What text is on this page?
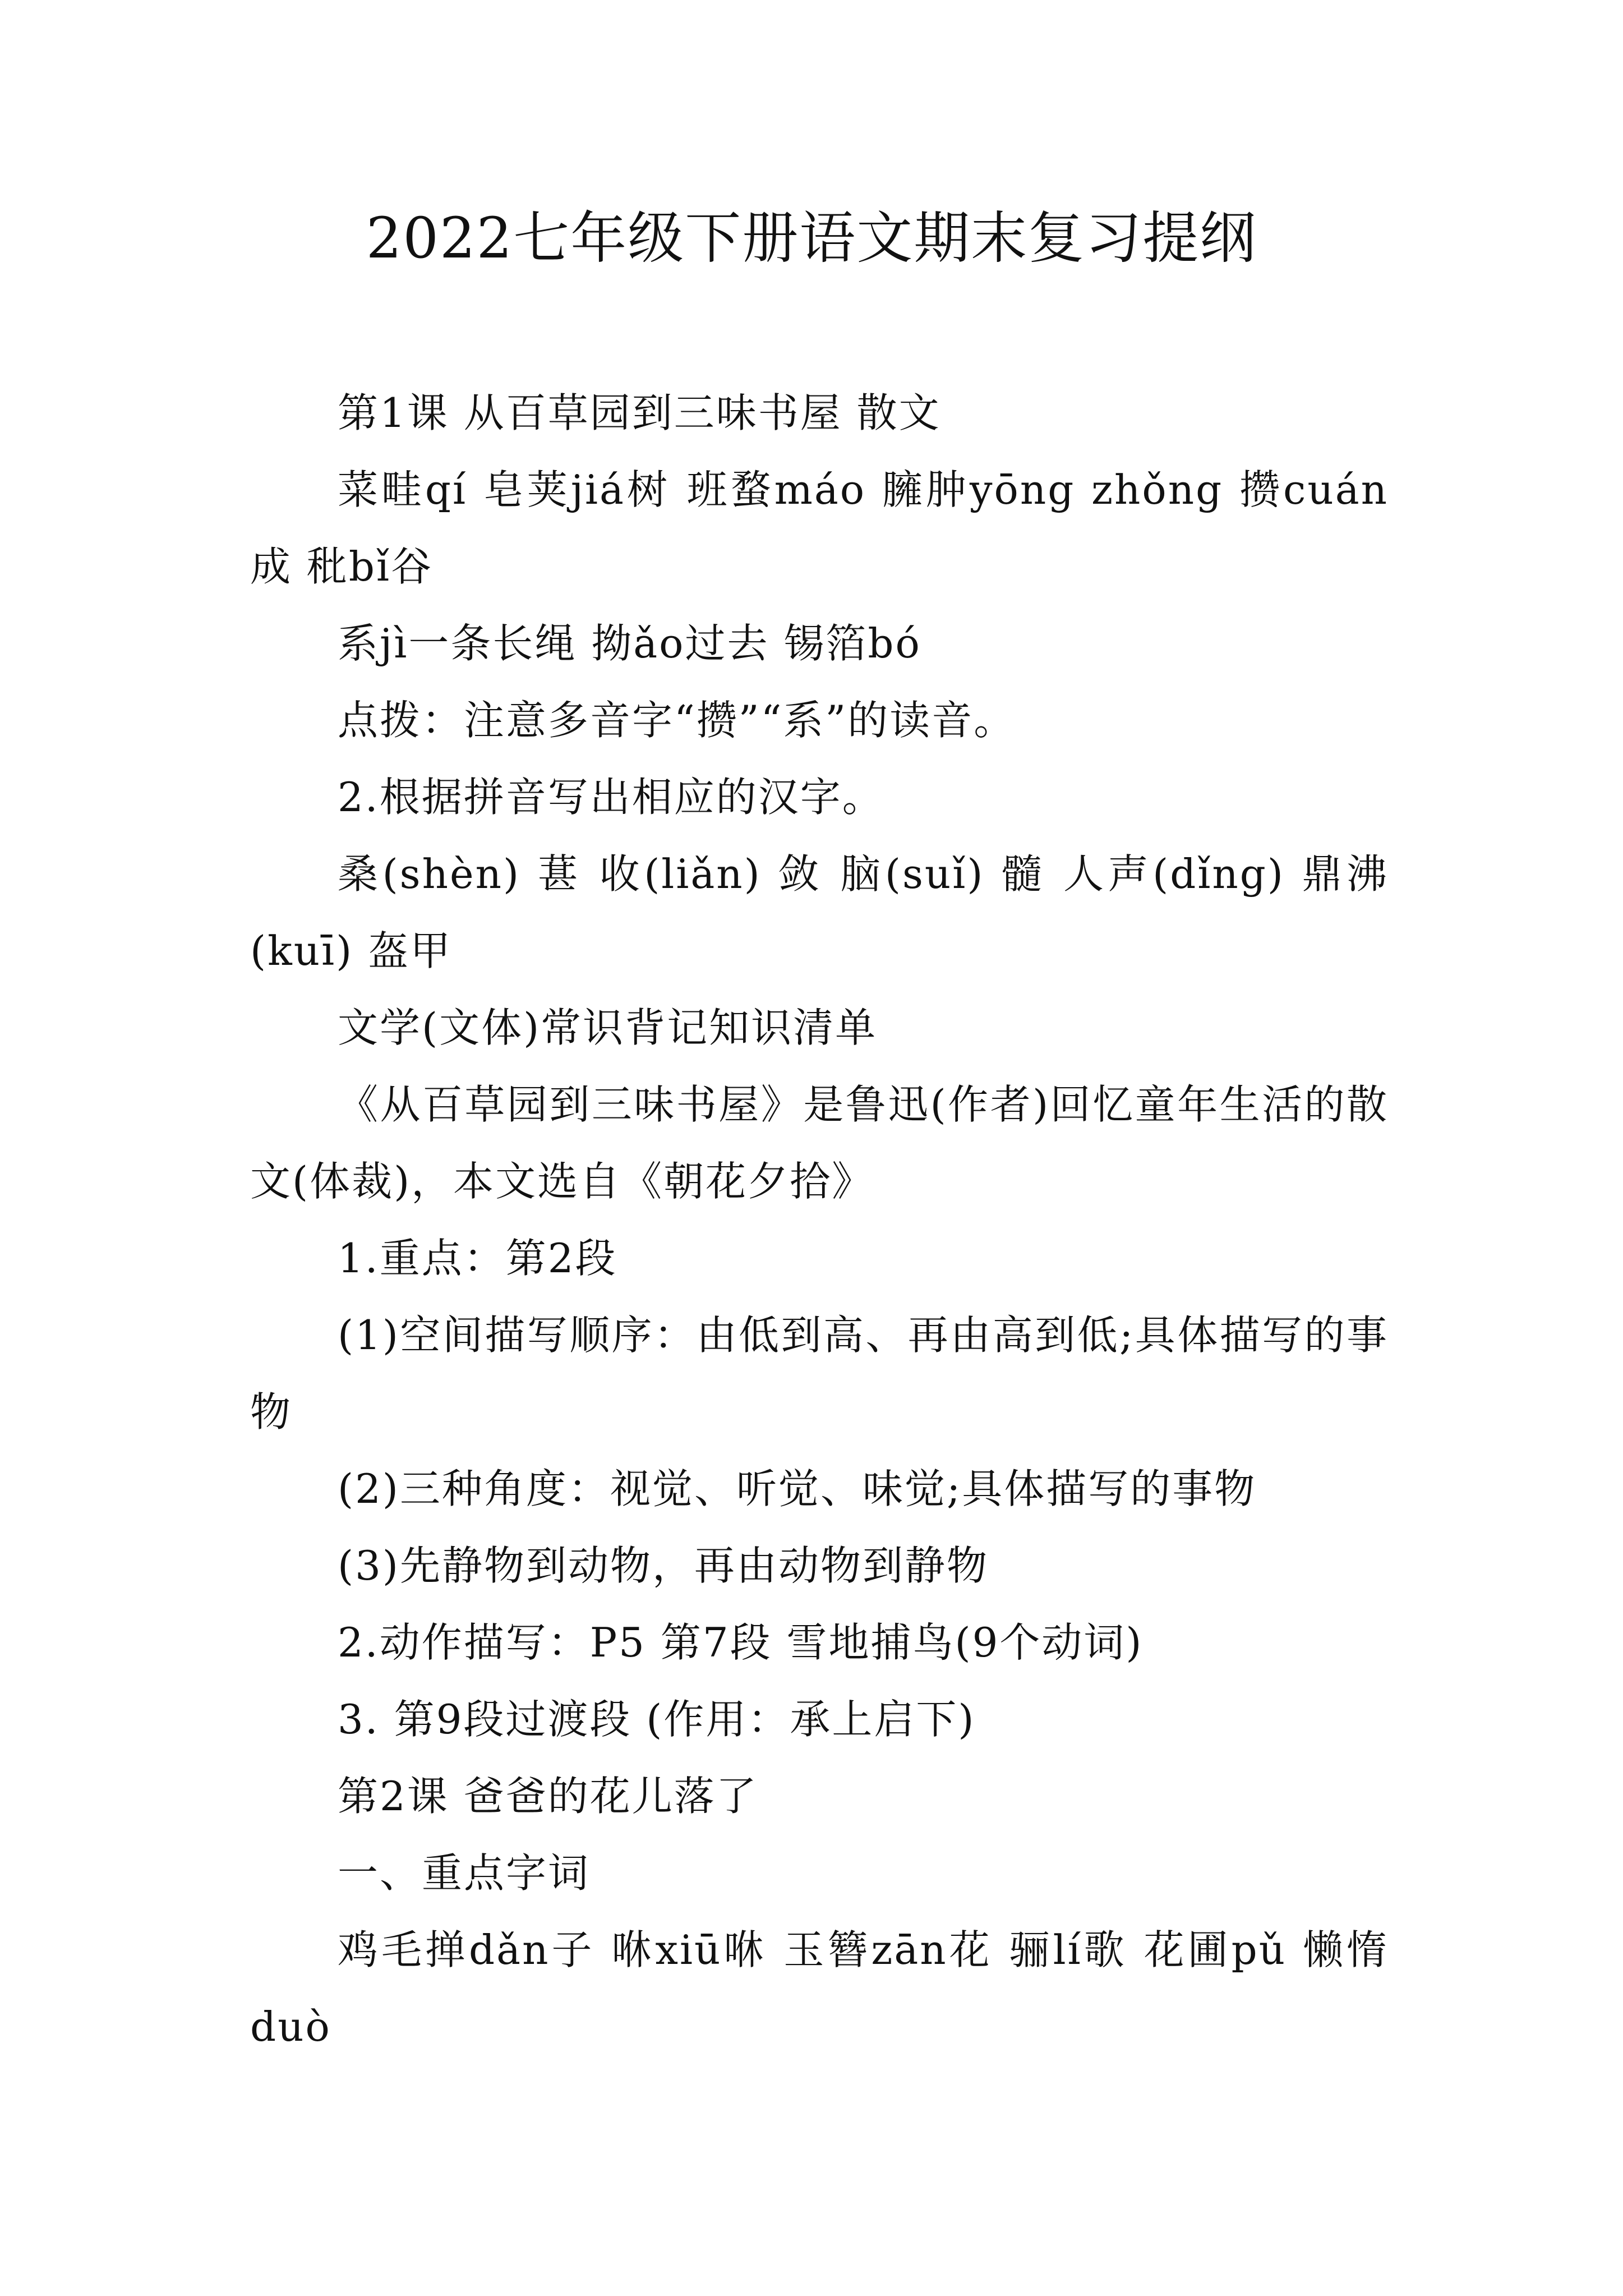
2022七年级下册语文期末复习提纲

第1课 从百草园到三味书屋 散文

菜畦qí 皂荚jiá树 班蝥máo 臃肿yōng zhǒng 攒cuán成 秕bǐ谷

系jì一条长绳 拗ǎo过去 锡箔bó

点拨：注意多音字“攒”“系”的读音。

2.根据拼音写出相应的汉字。

桑(shèn) 葚 收(liǎn) 敛 脑(suǐ) 髓 人声(dǐng) 鼎沸 (kuī) 盔甲

文学(文体)常识背记知识清单

《从百草园到三味书屋》是鲁迅(作者)回忆童年生活的散文(体裁)，本文选自《朝花夕拾》

1.重点：第2段

(1)空间描写顺序：由低到高、再由高到低;具体描写的事物

(2)三种角度：视觉、听觉、味觉;具体描写的事物

(3)先静物到动物，再由动物到静物

2.动作描写：P5 第7段 雪地捕鸟(9个动词)

3. 第9段过渡段 (作用：承上启下)

第2课 爸爸的花儿落了

一、重点字词

鸡毛掸dǎn子 咻xiū咻 玉簪zān花 骊lí歌 花圃pǔ 懒惰duò
